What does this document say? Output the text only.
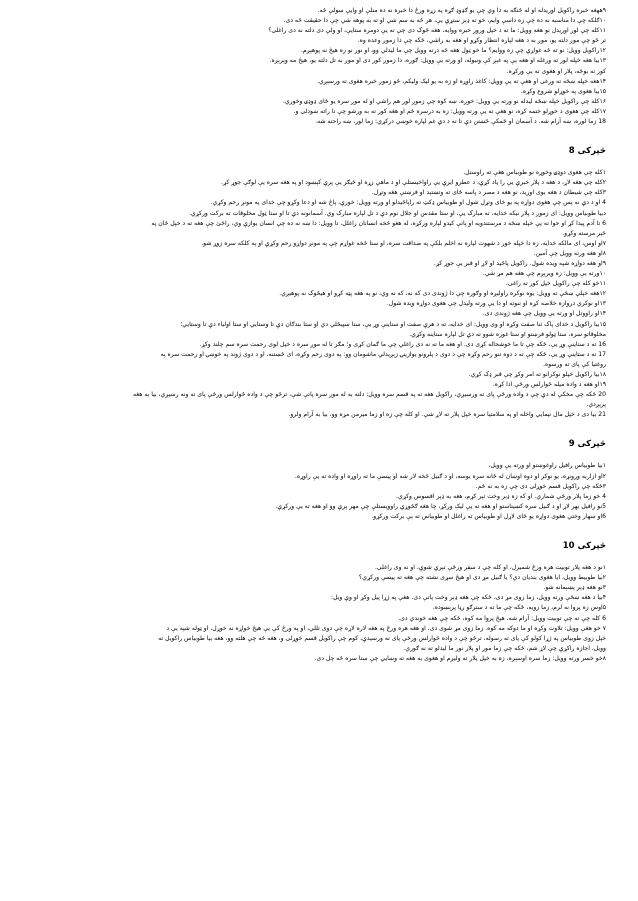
۹ههغه خبره راکويل اوريدله او له څنګه به دا وي چې يو ګډوډ ګړه په زړه ورځ دا خبره نه ده منلې او وايې سولې څه.

۱۰ګلکه چې دا مناسبه نه ده چې زه داسې وايم، خو ته ډېر ستړې يې، هر څه به سم شي او ته به پوهه شي چې دا حقيقت څه دی.

۱۱کله چې لور اوريدل نو هغه وويل: ما ته د خپل ورور خبره ووايه، هغه څوک دی چې ته يې دومره ستايې، او ولې دی دلته نه دی راغلی؟

تر څو چې موږ دلته يو، موږ به د هغه لپاره انتظار وکړو او هغه به راشي، ځکه چې دا زموږ وعده وه.

۱۲راکويل وويل: نو ته څه غواړې چې زه ووايم؟ ما خو ټول هغه څه درته وويل چې ما ليدلي وو، او نور نو زه هيڅ نه پوهېږم.

۱۳بيا هغه خپله لور ته ورغله او هغه يې په غېږ کې ونيوله، او ورته يې وويل: ګوره، دا زموږ کور دی او موږ به تل دلته يو، هيڅ مه وېرېږه.

کور ته بوځه، پلار او هغوی ته يې ورکړه.

۱۴هغه خپله ښځه ته ورغی او هغې ته يې وويل: کاغذ راوړه او زه به يو ليک وليکم، څو زموږ خبره هغوی ته ورسېږي.

۱۵بيا هغوی په خوړلو شروع وکړه.

۱۶کله چې راکويل خپله ښځه ليدله نو ورته يې وويل: خوږه، ښه کوه چې زموږ لور هم راشي او له موږ سره يو ځای ډوډۍ وخوري.

۱۷کله چې هغوی د خوړلو ختمه کړه، نو هغې ته يې ورته وويل: زه به درسره ځم او هغه کور ته به ورشو چې تا راته ښودلی و.

18 زما لوره، ښه آرام شه. د آسمان او ځمکې څښتن دې تا ته د دې غم لپاره خوښي درکړي: زما لور، ښه راحته شه.

څپرکی 8

۱کله چې هغوی دوډۍ وخوړه نو طوبياس هغې ته راوستل.

۲کله چې هغه لاړ، د هغه د پلار خبرې يې را ياد کړې، د عطرو ايرې يې راواخيستلې او د ماهي زړه او ځيګر يې پرې کېښود او په هغه سره يې لوګې جوړ کړ.

۳کله چې شيطان د هغه بوی اوريد، نو هغه د مصر د پاسه ځای ته وتښتېد او فرښتې هغه وتړل.

4 او د دې نه پس چې هغوی دواړه په يو خای وتړل شول او طوبياس ډکټ ته راپاڅيدلو او ورته وويل: خورې، پاڅ شه او دعا وکړو چې خدای په مونږ رحم وکړي.

دبيا طوبياس وويل: ای زموږ د پلار نيکه خدايه، ته مبارک يې، او ستا مقدس او جلال نوم دې د تل لپاره مبارک وي. آسمانونه دې تا او ستا ټول مخلوقات ته برکت ورکړي.

6 تا آدم پيدا کړ او حوا ته يې خپله ښځه د مرستندويه او پاتې کيدو لپاره ورکړه، له هغو څخه انسانان راغلل، تا وويل: دا ښه نه ده چې انسان يوازې وي، راځئ چې هغه ته د خپل ځان په

څېر مرسته وکړو.

۷او اوس، ای مالکه خدايه، زه دا خپله خور د شهوت لپاره نه اخلم بلکې په صداقت سره، او ستا څخه غواړم چې په مونږ دواړو رحم وکړې او په کلکه سره زوړ شو.

۸او هغه ورته وويل چې آمين.

۹او هغه دواړه شپه ويده شول. راکويل پاڅيد او لاړ او قبر يې جوړ کړ.

۱۰ورته يې وويل: زه ويرېږم چې هغه هم مړ شي.

۱۱خو کله چې راکويل خپل کور ته راغی،

۱۲هغه خپلې ښځې ته وويل: يوه نوکره راوليږه او وګوره چې دا ژوندی دی که نه، که نه وي، نو په هغه پټه کړو او هيڅوک نه پوهيږي.

۱۳او نوکري دروازه خلاصه کړه او ننوته او دا يې ورته وليدل چې هغوی دواړه ويده شول.

۱۴او راووتل او ورته يې وويل چې هغه ژوندی دی.

۱۵بيا راکويل د خدای پاک ثنا صفت وکړه او وی وويل: ای خدايه، ته د هرې صفت او ستاينې وړ يې، ستا سپيڅلي دي او ستا بندګان دې تا وستايي او ستا اولياء دې تا وستايي؛

مخلوقاتو سره، ستا ټولو فرښتو او ستا غوره شوو ته دې تل لپاره ستاينه وکړي.

16 ته د ستاينې وړ يې، ځکه چې تا ما خوشحاله کړی دی. او هغه ما ته نه دی راغلي چې ما ګمان کړی و؛ مګر تا له موږ سره د خپل لوی رحمت سره سم چلند وکړ.

17 ته د ستاينې وړ يې، ځکه چې ته د دوه تنو رحم وکړه چې د دوی د پلرونو يوازينۍ زېږيدلي ماشومان وو: په دوی رحم وکړه، ای څښتنه، او د دوی ژوند په خوښۍ او رحمت سره په

روغتيا کې پای ته ورسوه.

۱۸بيا راکويل خپلو نوکرانو ته امر وکړ چې قبر ډک کړي.

۱۹او هغه د واده ميله څوارلس ورځې ادا کړه.

20 ځکه چې مخکې له دې چې د واده ورځې پای ته ورسيږي، راکويل هغه ته په قسم سره وويل: دلته به له موږ سره پاتې شې، ترڅو چې د واده څوارلس ورځې پای ته ونه رسيږي، بيا به هغه

پريږدي.

21 بيا دی د خپل مال نيمايي واخله او په سلامتيا سره خپل پلار ته لاړ شې. او کله چې زه او زما ميرمن مړه وو، بيا به آرام ولرو.

څپرکی 9

۱بيا طوبياس رافيل راوغوښتو او ورته يې وويل،

۲او ازاريه ورونړه، يو نوکر او دوه اوښان له ځانه سره يوسه، او د ګبيل څخه لار شه او پيسې ما ته راوړه او واده ته يې راوړه.

۳ځکه چې راکويل قسم خوړلی دی چې زه به نه ځم.

4 خو زما پلار ورځې شماري. او که زه ډېر وخت تېر کړم، هغه به ډېر افسوس وکړي.

5نو رافيل بهر لاړ او د ګبيل سره کښيناستو او هغه ته يې ليک ورکړ، چا هغه ګڅوړې راوويستلې چې مهر پرې وو او هغه ته يې ورکړې.

6او سهار وختي هغوی دواړه يو ځای لاړل او طوبياس ته راغلل او طوبياس ته يې برکت ورکړو.

څپرکی 10

۱نو د هغه پلار توبيت هره ورځ شميرل، او کله چې د سفر ورځې تېرې شوې، او نه وی راغلی.

۲بيا طوبيط وويل، ايا هغوی بنديان دي؟ يا ګبيل مړ دی او هيڅ سړی نشته چې هغه ته پيسې ورکړي؟

۳نو هغه ډېر پښېمانه شو.

۴بيا د هغه ښځې ورته وويل، زما زوی مړ دی، ځکه چې هغه ډېر وخت پاتې دی. هغې په ژړا پيل وکړ او وې ويل:

۵اوس زه پروا نه لرم، زما زويه، ځکه چې ما ته د سترګو رڼا پرېښوده.

6 کله چې ته چې توبيت وويل: آرام شه، هيڅ پروا مه کوه، ځکه چې هغه خوندي دی.

۷ خو هغې وويل: تلاوت وکړه او ما دوکه مه کوه. زما زوی مړ شوی دی. او هغه هره ورځ په هغه لاره لاړه چې دوی تللي، او په ورځ کې يې هيڅ خواړه نه خوړل، او ټوله شپه يې د

خپل زوی طوبياس په ژړا کولو کې پای ته رسوله، ترڅو چې د واده څوارلس ورځې پای ته ورسيدې، کوم چې راکويل قسم خوړلی و، هغه څه چې هلته وو، هغه بيا طوبياس راکويل ته

وويل، اجازه راکړې چې لاړ شم، ځکه چې زما مور او پلار نور ما ليدلو ته نه ګوري.

۸خو خسر ورته وويل: زما سره اوسېږه، زه به خپل پلار ته وليږم او هغوی به هغه ته وښايي چې ستا سره څه چل دی.
